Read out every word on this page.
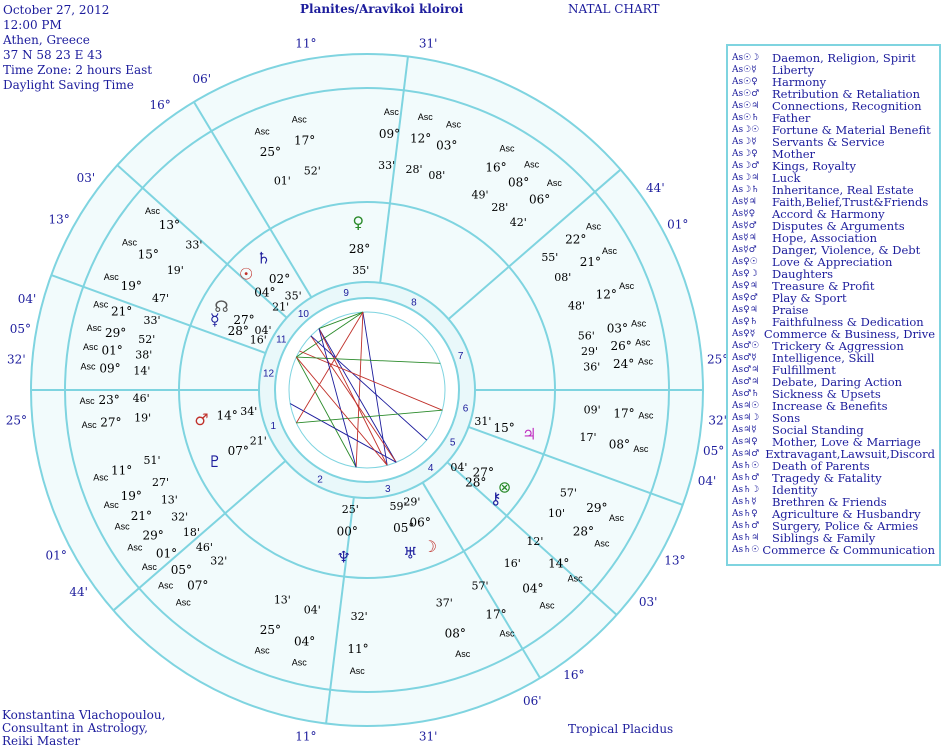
October 27, 2012
12:00 PM
Athen, Greece
37 N 58 23 E 43
Time Zone: 2 hours East
Daylight Saving Time
Planites/Aravikoi kloiroi	NATAL CHART
1
2
3
4
5
6
7
8
9
10
11
12
11°	31'
06'
16°
03'
13°
04'
05°
25°
32'
01°
44'
11°	31'
16°
06'
13°
03'
05°
04'
25°
32'
01°
44'
♀
28°
35'
♄
02°
35'
☉
04°
21'
☊
27°
04'
☿
28°
16'
♂ 14° 34'
♇
07°
21'
♆
00°
25'
♅
05°
59'
☽
06°
29'	⚷
28°
04'
⊗
27°
♃
15°
31'
Asc
09°
33'
Asc
12°
28'
Asc
03°
08'
Asc
16°
49'
Asc
25°
01'
Asc
17°
52'
Asc
13°
33'
Asc
15°
19'
Asc
19°
47'
Asc 21°
33'
Asc 29° 52'
Asc 01° 38'
Asc 09° 14'
Asc 23° 46'
Asc 27° 19'
Asc 11°
51'
Asc
19°
27'
Asc
21°
13'
Asc
29°
32'
Asc
01°
18'
Asc
05°
46'
Asc
07°
32'
Asc
25°
13'
Asc
04°
04'
Asc
11°
32'
Asc
08°
37'
Asc
17°
57'
Asc
04°
16'
Asc
14°
12'	Asc
28°
10'	Asc
29°
57'
Asc
08°
17'
Asc
17°
09'
Asc
24°
36'
Asc
26°
29'
Asc
03°
56'
Asc
12°
48'
Asc
21°
08'
Asc
22°
55'
Asc
06°
42'
Asc
08°
28'
As☉☽	Daemon, Religion, Spirit
As☉☿	Liberty
As☉♀	Harmony
As☉♂	Retribution & Retaliation
As☉♃	Connections, Recognition
As☉♄	Father
As☽☉	Fortune & Material Benefit
As☽☿	Servants & Service
As☽♀	Mother
As☽♂	Kings, Royalty
As☽♃	Luck
As☽♄	Inheritance, Real Estate
As☿♃	Faith,Belief,Trust&Friends
As☿♀	Accord & Harmony
As☿♂	Disputes & Arguments
As☿♃	Hope, Association
As☿♂	Danger, Violence, & Debt
As♀☉	Love & Appreciation
As♀☽	Daughters
As♀♃	Treasure & Profit
As♀♂	Play & Sport
As♀♃	Praise
As♀♄	Faithfulness & Dedication
As♀☿ Commerce & Business, Drive
As♂☉	Trickery & Aggression
As♂☿	Intelligence, Skill
As♂♃	Fulfillment
As♂♃	Debate, Daring Action
As♂♄	Sickness & Upsets
As♃☉	Increase & Benefits
As♃☽	Sons
As♃☿	Social Standing
As♃♀	Mother, Love & Marriage
As♃♂ Extravagant,Lawsuit,Discord
As♄☉	Death of Parents
As♄♂	Tragedy & Fatality
As♄☽	Identity
As♄☿	Brethren & Friends
As♄♀	Agriculture & Husbandry
As♄♂	Surgery, Police & Armies
As♄♃	Siblings & Family
As♄☉ Commerce & Communication
Konstantina Vlachopoulou,
Consultant in Astrology,
Reiki Master
Tropical Placidus
